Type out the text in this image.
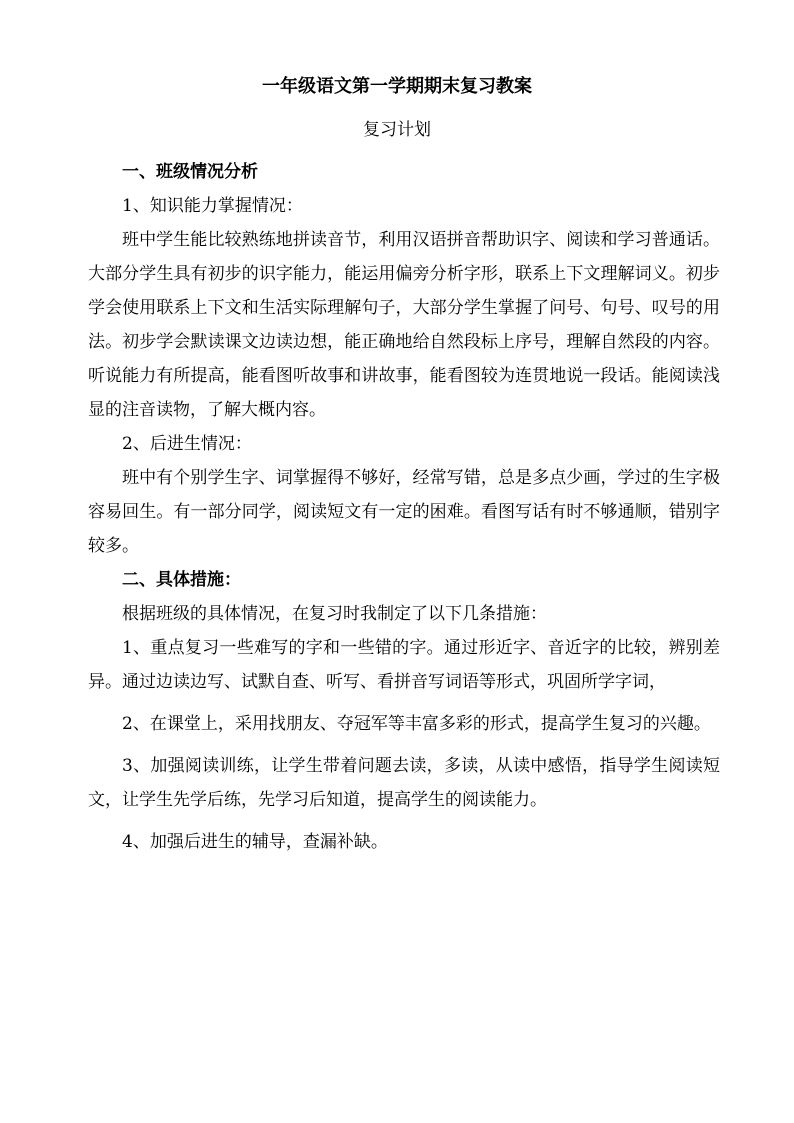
一年级语文第一学期期末复习教案
复习计划

一、班级情况分析

1、知识能力掌握情况：

班中学生能比较熟练地拼读音节，利用汉语拼音帮助识字、阅读和学习普通话。大部分学生具有初步的识字能力，能运用偏旁分析字形，联系上下文理解词义。初步学会使用联系上下文和生活实际理解句子，大部分学生掌握了问号、句号、叹号的用法。初步学会默读课文边读边想，能正确地给自然段标上序号，理解自然段的内容。听说能力有所提高，能看图听故事和讲故事，能看图较为连贯地说一段话。能阅读浅显的注音读物，了解大概内容。

2、后进生情况：

班中有个别学生字、词掌握得不够好，经常写错，总是多点少画，学过的生字极容易回生。有一部分同学，阅读短文有一定的困难。看图写话有时不够通顺，错别字较多。

二、具体措施：

根据班级的具体情况，在复习时我制定了以下几条措施：

1、重点复习一些难写的字和一些错的字。通过形近字、音近字的比较，辨别差异。通过边读边写、试默自查、听写、看拼音写词语等形式，巩固所学字词，

2、在课堂上，采用找朋友、夺冠军等丰富多彩的形式，提高学生复习的兴趣。

3、加强阅读训练，让学生带着问题去读，多读，从读中感悟，指导学生阅读短文，让学生先学后练，先学习后知道，提高学生的阅读能力。

4、加强后进生的辅导，查漏补缺。
